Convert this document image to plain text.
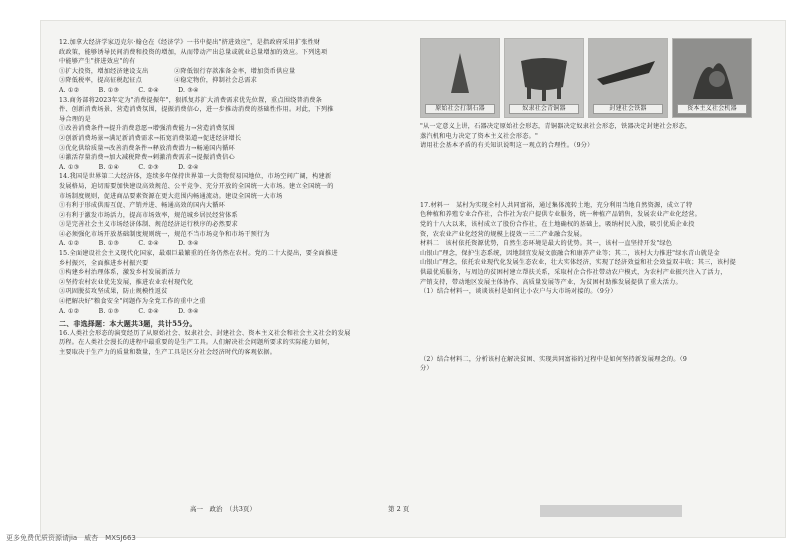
12.加拿大经济学家迈克尔·翰仓在《经济学》一书中提出"挤进效应"，是指政府采用扩张性财

政政策，能够诱导民间消费和投资的增加，从而带动产出总量或就业总量增加的效应。下列选项

中能够产生"挤进效应"的有

①扩大投资，增加经济建设支出　　　　②降低银行存款准备金率，增加货币供应量

③降低税率，提高征税起征点　　　　　④稳定物价，抑制社会总需求

A. ①②　　　B. ①③　　　C. ②④　　　D. ③④

13.商务部将2023年定为"消费提振年"，狠抓复苏扩大消费需求优先位置，重点围绕普消费条

件、创新消费场景、营造消费氛围，提振消费信心，进一步推动消费的基础性作用。对此，下列推

导合理的是

①改善消费条件→提升消费意愿→增强消费能力→营造消费氛围

②创新消费场景→满足新消费需求→拓宽消费渠道→促进经济增长

③优化供给质量→改善消费条件→释放消费潜力→畅通国内循环

④激活存量消费→加大减税降费→刺激消费需求→提振消费信心

A. ①③　　　B. ①④　　　C. ②③　　　D. ②④

14.我国是世界第二大经济体，连续多年保持世界第一大货物贸易国地位，市场空间广阔，构建新

发展格局，迫切需要加快建设高效规范、公平竞争、充分开放的全国统一大市场。建立全国统一的

市场制度规则，促进商品要素资源在更大范围内畅通流动。建设全国统一大市场

①有利于形成供需互促、产销并进、畅通高效的国内大循环

②有利于激发市场活力，提高市场效率，规范城乡居民经营体系

③是完善社会主义市场经济体制、规范经济运行秩序的必然要求

④必须强化市场开放基础制度规则统一，规范不当市场竞争和市场干预行为

A. ①②　　　B. ①③　　　C. ②④　　　D. ③④

15.全面建设社会主义现代化国家，最艰巨最繁重的任务仍然在农村。党的二十大提出，要全面推进

乡村振兴，全面推进乡村振兴要

①构建乡村治理体系，激发乡村发展新活力

②坚持农村农业优先发展，推进农业农村现代化

③巩固脱贫攻坚成果，防止规模性返贫

④把解决好"粮食安全"问题作为全党工作的重中之重

A. ①②　　　B. ①③　　　C. ②④　　　D. ③④

二、非选择题：本大题共3题，共计55分。

16.人类社会形态的演变经历了从原始社会、奴隶社会、封建社会、资本主义社会和社会主义社会的发展

历程。在人类社会漫长的进程中最重要的是生产工具。人们解决社会问题所要求的实际能力如何，

主要取决于生产力的质量和数量，生产工具是区分社会经济时代的客观依据。

原始社会打制石器	奴隶社会青铜器	封建社会铁器	资本主义社会机器

"从一定意义上讲，石器决定原始社会形态，青铜器决定奴隶社会形态，铁器决定封建社会形态，

蒸汽机和电力决定了资本主义社会形态。"

请用社会基本矛盾的有关知识说明这一观点的合理性。（9分）

17.材料一　某村为实现全村人共同富裕，通过集体流转土地，充分利用当地自然资源，成立了特

色种植和养殖专业合作社，合作社为农户提供专业服务，统一种植产品销售，发展农业产业化经营。

党的十八大以来，该村成立了股份合作社，在土地确权的基础上，吸纳村民入股，吸引优质企业投

资，农农业产业化经营的规模上提效一三二产业融合发展。

材料二　该村依托资源优势，自然生态环境是最大的优势。其一，该村一直坚持开发"绿色

山银山"理念，保护生态系统，因地制宜发展文旅融合和康养产业等；其二，该村大力推进"绿水青山就是金

山银山"理念，依托农业现代化发展生态农业，壮大实体经济，实现了经济效益和社会效益双丰收；其三，该村提

供最优质服务，与周边的贫困村建立帮扶关系，采取村企合作社带动农户模式，为农村产业振兴注入了活力，

产销支持，带动地区发展主体协作、高质量发展等产业，为贫困村助推发展提供了重大活力。

（1）结合材料一，谈谈该村是如何让小农户与大市场对接的。（9分）

（2）结合材料二，分析该村在解决贫困、实现共同富裕的过程中是如何坚持新发展理念的。（9

分）

高一　政治　（共3页）	第 2 页
更多免费优质资源请jia　威杏　MXSJ663
